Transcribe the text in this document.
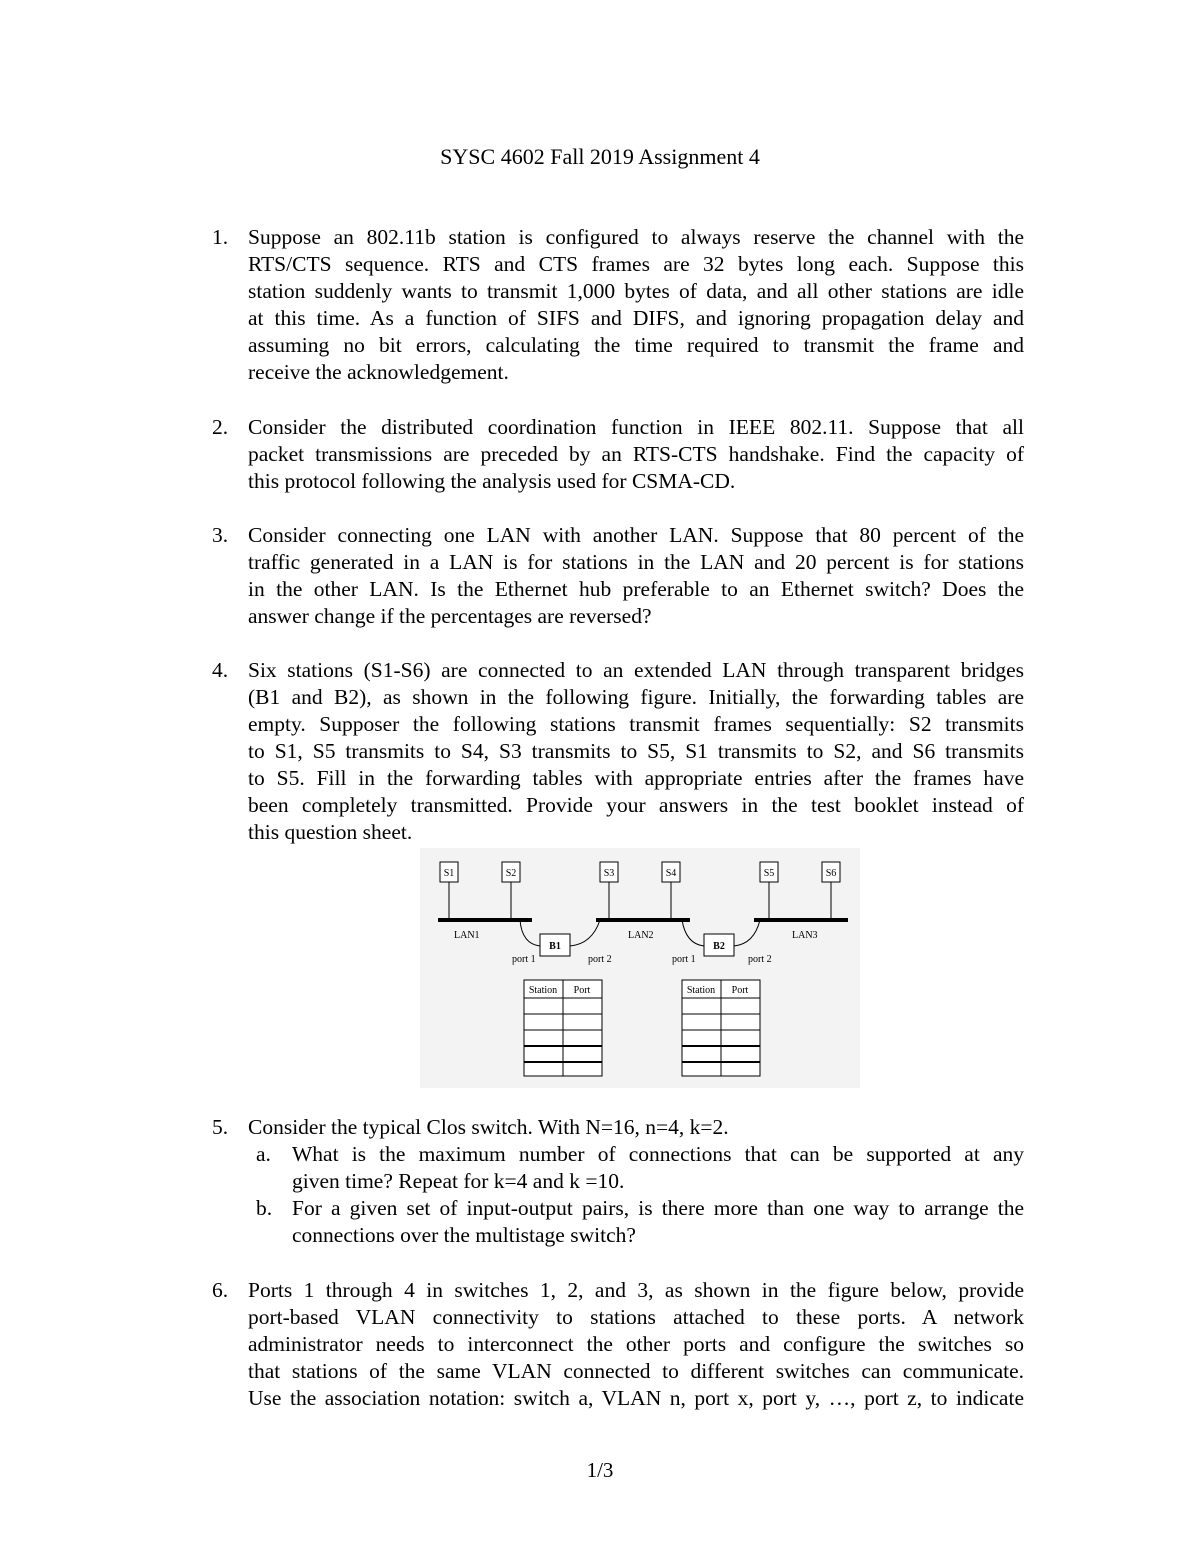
SYSC 4602 Fall 2019 Assignment 4
1. Suppose an 802.11b station is configured to always reserve the channel with the
RTS/CTS sequence. RTS and CTS frames are 32 bytes long each. Suppose this
station suddenly wants to transmit 1,000 bytes of data, and all other stations are idle
at this time. As a function of SIFS and DIFS, and ignoring propagation delay and
assuming no bit errors, calculating the time required to transmit the frame and
receive the acknowledgement.
2. Consider the distributed coordination function in IEEE 802.11. Suppose that all
packet transmissions are preceded by an RTS-CTS handshake. Find the capacity of
this protocol following the analysis used for CSMA-CD.
3. Consider connecting one LAN with another LAN. Suppose that 80 percent of the
traffic generated in a LAN is for stations in the LAN and 20 percent is for stations
in the other LAN. Is the Ethernet hub preferable to an Ethernet switch? Does the
answer change if the percentages are reversed?
4. Six stations (S1-S6) are connected to an extended LAN through transparent bridges
(B1 and B2), as shown in the following figure. Initially, the forwarding tables are
empty. Supposer the following stations transmit frames sequentially: S2 transmits
to S1, S5 transmits to S4, S3 transmits to S5, S1 transmits to S2, and S6 transmits
to S5. Fill in the forwarding tables with appropriate entries after the frames have
been completely transmitted. Provide your answers in the test booklet instead of
this question sheet.
S1	S2	S3	S4	S5	S6
LAN1	LAN2	LAN3
B1
port 1	port 2
B2
port 1	port 2
Station Port	Station Port
5. Consider the typical Clos switch. With N=16, n=4, k=2.
a. What is the maximum number of connections that can be supported at any
given time? Repeat for k=4 and k =10.
b. For a given set of input-output pairs, is there more than one way to arrange the
connections over the multistage switch?
6. Ports 1 through 4 in switches 1, 2, and 3, as shown in the figure below, provide
port-based VLAN connectivity to stations attached to these ports. A network
administrator needs to interconnect the other ports and configure the switches so
that stations of the same VLAN connected to different switches can communicate.
Use the association notation: switch a, VLAN n, port x, port y, …, port z, to indicate
1/3
